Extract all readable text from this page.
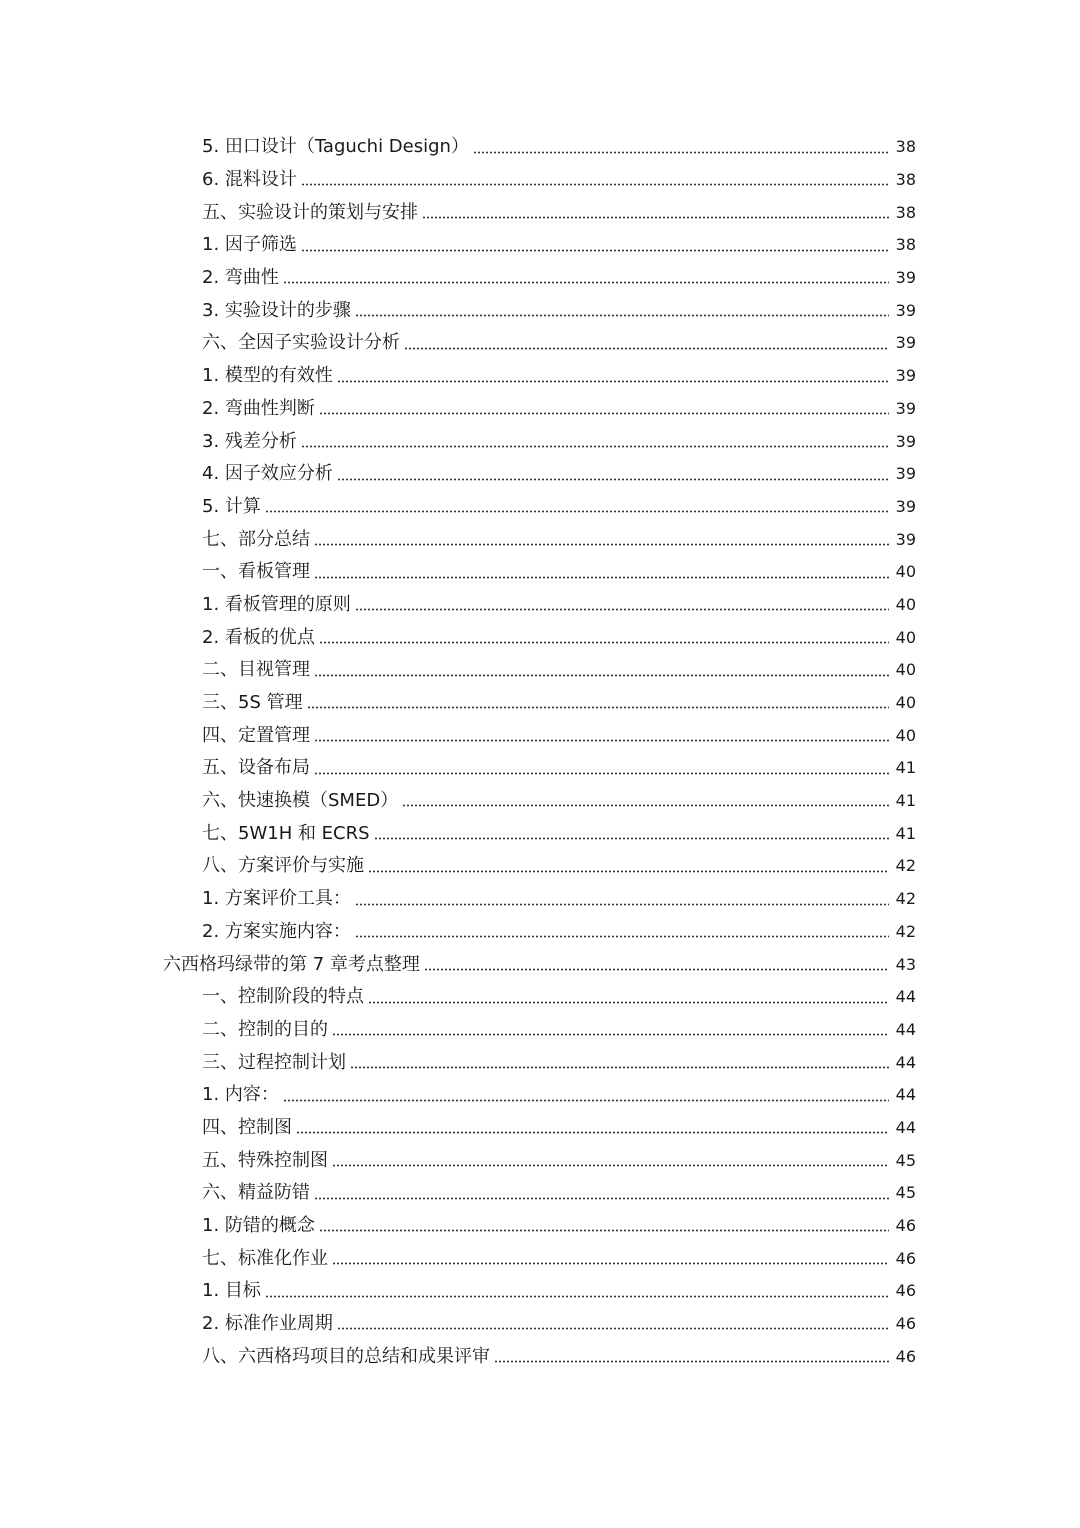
5. 田口设计（Taguchi Design）	38
6. 混料设计	38
五、实验设计的策划与安排	38
1. 因子筛选	38
2. 弯曲性	39
3. 实验设计的步骤	39
六、全因子实验设计分析	39
1. 模型的有效性	39
2. 弯曲性判断	39
3. 残差分析	39
4. 因子效应分析	39
5. 计算	39
七、部分总结	39
一、看板管理	40
1. 看板管理的原则	40
2. 看板的优点	40
二、目视管理	40
三、5S 管理	40
四、定置管理	40
五、设备布局	41
六、快速换模（SMED）	41
七、5W1H 和 ECRS	41
八、方案评价与实施	42
1. 方案评价工具：	42
2. 方案实施内容：	42
六西格玛绿带的第 7 章考点整理	43
一、控制阶段的特点	44
二、控制的目的	44
三、过程控制计划	44
1. 内容：	44
四、控制图	44
五、特殊控制图	45
六、精益防错	45
1. 防错的概念	46
七、标准化作业	46
1. 目标	46
2. 标准作业周期	46
八、六西格玛项目的总结和成果评审	46
